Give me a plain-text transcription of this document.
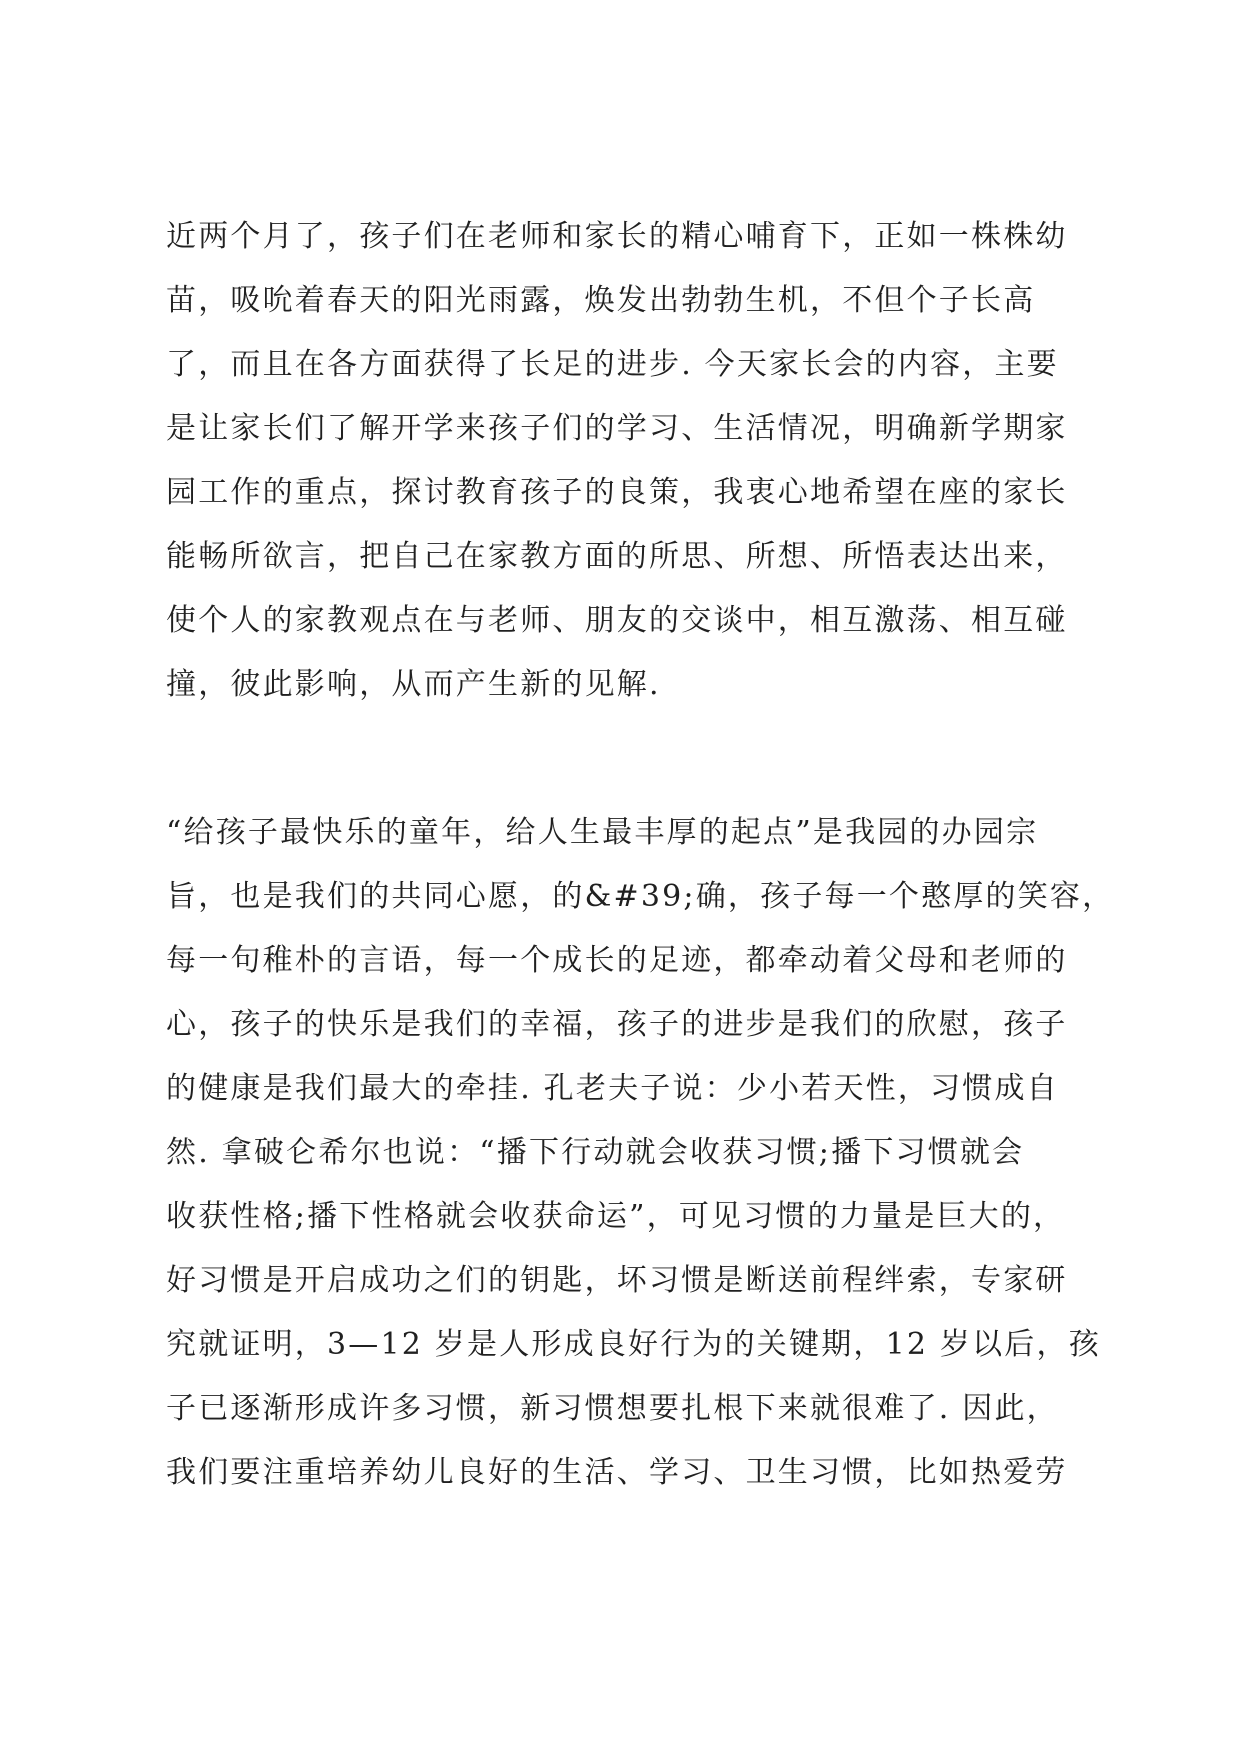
近两个月了，孩子们在老师和家长的精心哺育下，正如一株株幼
苗，吸吮着春天的阳光雨露，焕发出勃勃生机，不但个子长高
了，而且在各方面获得了长足的进步. 今天家长会的内容，主要
是让家长们了解开学来孩子们的学习、生活情况，明确新学期家
园工作的重点，探讨教育孩子的良策，我衷心地希望在座的家长
能畅所欲言，把自己在家教方面的所思、所想、所悟表达出来，
使个人的家教观点在与老师、朋友的交谈中，相互激荡、相互碰
撞，彼此影响，从而产生新的见解.
“给孩子最快乐的童年，给人生最丰厚的起点”是我园的办园宗
旨，也是我们的共同心愿，的&#39;确，孩子每一个憨厚的笑容，
每一句稚朴的言语，每一个成长的足迹，都牵动着父母和老师的
心，孩子的快乐是我们的幸福，孩子的进步是我们的欣慰，孩子
的健康是我们最大的牵挂. 孔老夫子说：少小若天性，习惯成自
然. 拿破仑希尔也说：“播下行动就会收获习惯;播下习惯就会
收获性格;播下性格就会收获命运”，可见习惯的力量是巨大的，
好习惯是开启成功之们的钥匙，坏习惯是断送前程绊索，专家研
究就证明，3—12 岁是人形成良好行为的关键期，12 岁以后，孩
子已逐渐形成许多习惯，新习惯想要扎根下来就很难了. 因此，
我们要注重培养幼儿良好的生活、学习、卫生习惯，比如热爱劳
